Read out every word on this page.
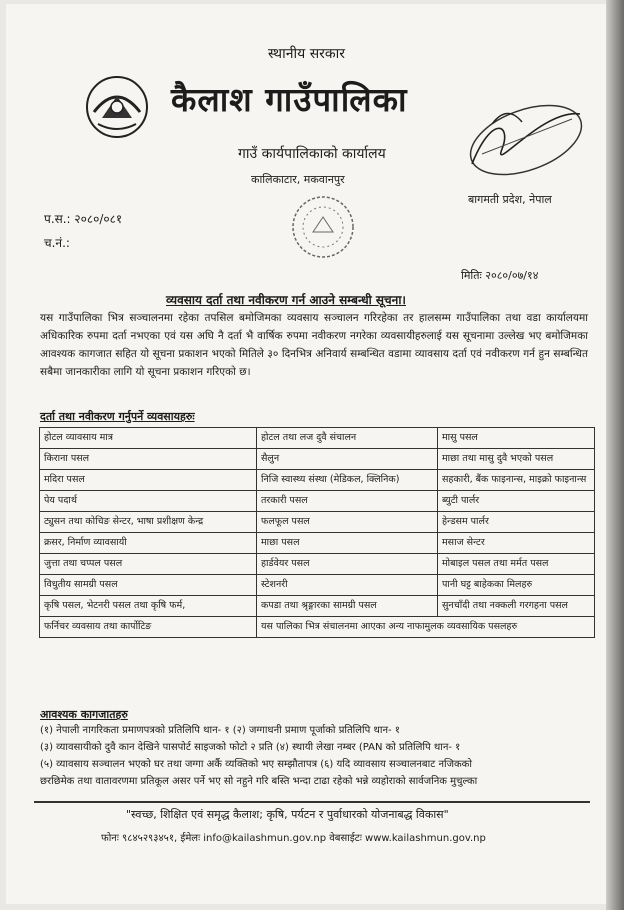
स्थानीय सरकार
कैलाश गाउँपालिका
गाउँ कार्यपालिकाको कार्यालय
कालिकाटार, मकवानपुर
बागमती प्रदेश, नेपाल
प.स.: २०८०/०८१
च.नं.:
मितिः २०८०/०७/१४
व्यवसाय दर्ता तथा नवीकरण गर्न आउने सम्बन्धी सूचना।
यस गाउँपालिका भित्र सञ्चालनमा रहेका तपसिल बमोजिमका व्यवसाय सञ्चालन गरिरहेका तर हालसम्म गाउँपालिका तथा वडा कार्यालयमा अधिकारिक रुपमा दर्ता नभएका एवं यस अघि नै दर्ता भै वार्षिक रुपमा नवीकरण नगरेका व्यवसायीहरुलाई यस सूचनामा उल्लेख भए बमोजिमका आवश्यक कागजात सहित यो सूचना प्रकाशन भएको मितिले ३० दिनभित्र अनिवार्य सम्बन्धित वडामा व्यावसाय दर्ता एवं नवीकरण गर्न हुन सम्बन्धित सबैमा जानकारीका लागि यो सूचना प्रकाशन गरिएको छ।
दर्ता तथा नवीकरण गर्नुपर्ने व्यवसायहरुः
होटल व्यावसाय मात्र	होटल तथा लज दुवै संचालन	मासु पसल
किराना पसल	सैलुन	माछा तथा मासु दुवै भएको पसल
मदिरा पसल	निजि स्वास्थ्य संस्था (मेडिकल, क्लिनिक)	सहकारी, बैंक फाइनान्स, माइक्रो फाइनान्स
पेय पदार्थ	तरकारी पसल	ब्युटी पार्लर
ट्युसन तथा कोचिङ सेन्टर, भाषा प्रशीक्षण केन्द्र	फलफूल पसल	हेन्डसम पार्लर
क्रसर, निर्माण व्यावसायी	माछा पसल	मसाज सेन्टर
जुत्ता तथा चप्पल पसल	हार्डवेयर पसल	मोबाइल पसल तथा मर्मत पसल
विधुतीय सामग्री पसल	स्टेशनरी	पानी घट्ट बाहेकका मिलहरु
कृषि पसल, भेटनरी पसल तथा कृषि फर्म,	कपडा तथा श्रृङ्गारका सामग्री पसल	सुनचाँदी तथा नक्कली गरगहना पसल
फर्निचर व्यवसाय तथा कार्पोटिङ	यस पालिका भित्र संचालनमा आएका अन्य नाफामुलक व्यवसायिक पसलहरु	
आवश्यक कागजातहरु
(१) नेपाली नागरिकता प्रमाणपत्रको प्रतिलिपि थान- १ (२) जग्गाधनी प्रमाण पूर्जाको प्रतिलिपि थान- १
(३) व्यावसायीको दुवै कान देखिने पासपोर्ट साइजको फोटो २ प्रति (४) स्थायी लेखा नम्बर (PAN को प्रतिलिपि थान- १
(५) व्यावसाय सञ्चालन भएको घर तथा जग्गा अर्कै व्यक्तिको भए सम्झौतापत्र (६) यदि व्यावसाय सञ्चालनबाट नजिकको
छरछिमेक तथा वातावरणमा प्रतिकूल असर पर्ने भए सो नहुने गरि बस्ति भन्दा टाढा रहेको भन्ने व्यहोराको सार्वजनिक मुचुल्का
"स्वच्छ, शिक्षित एवं समृद्ध कैलाश; कृषि, पर्यटन र पुर्वाधारको योजनाबद्ध विकास"
फोनः ९८४५२९३४५१, ईमेलः info@kailashmun.gov.np वेबसाईटः www.kailashmun.gov.np
